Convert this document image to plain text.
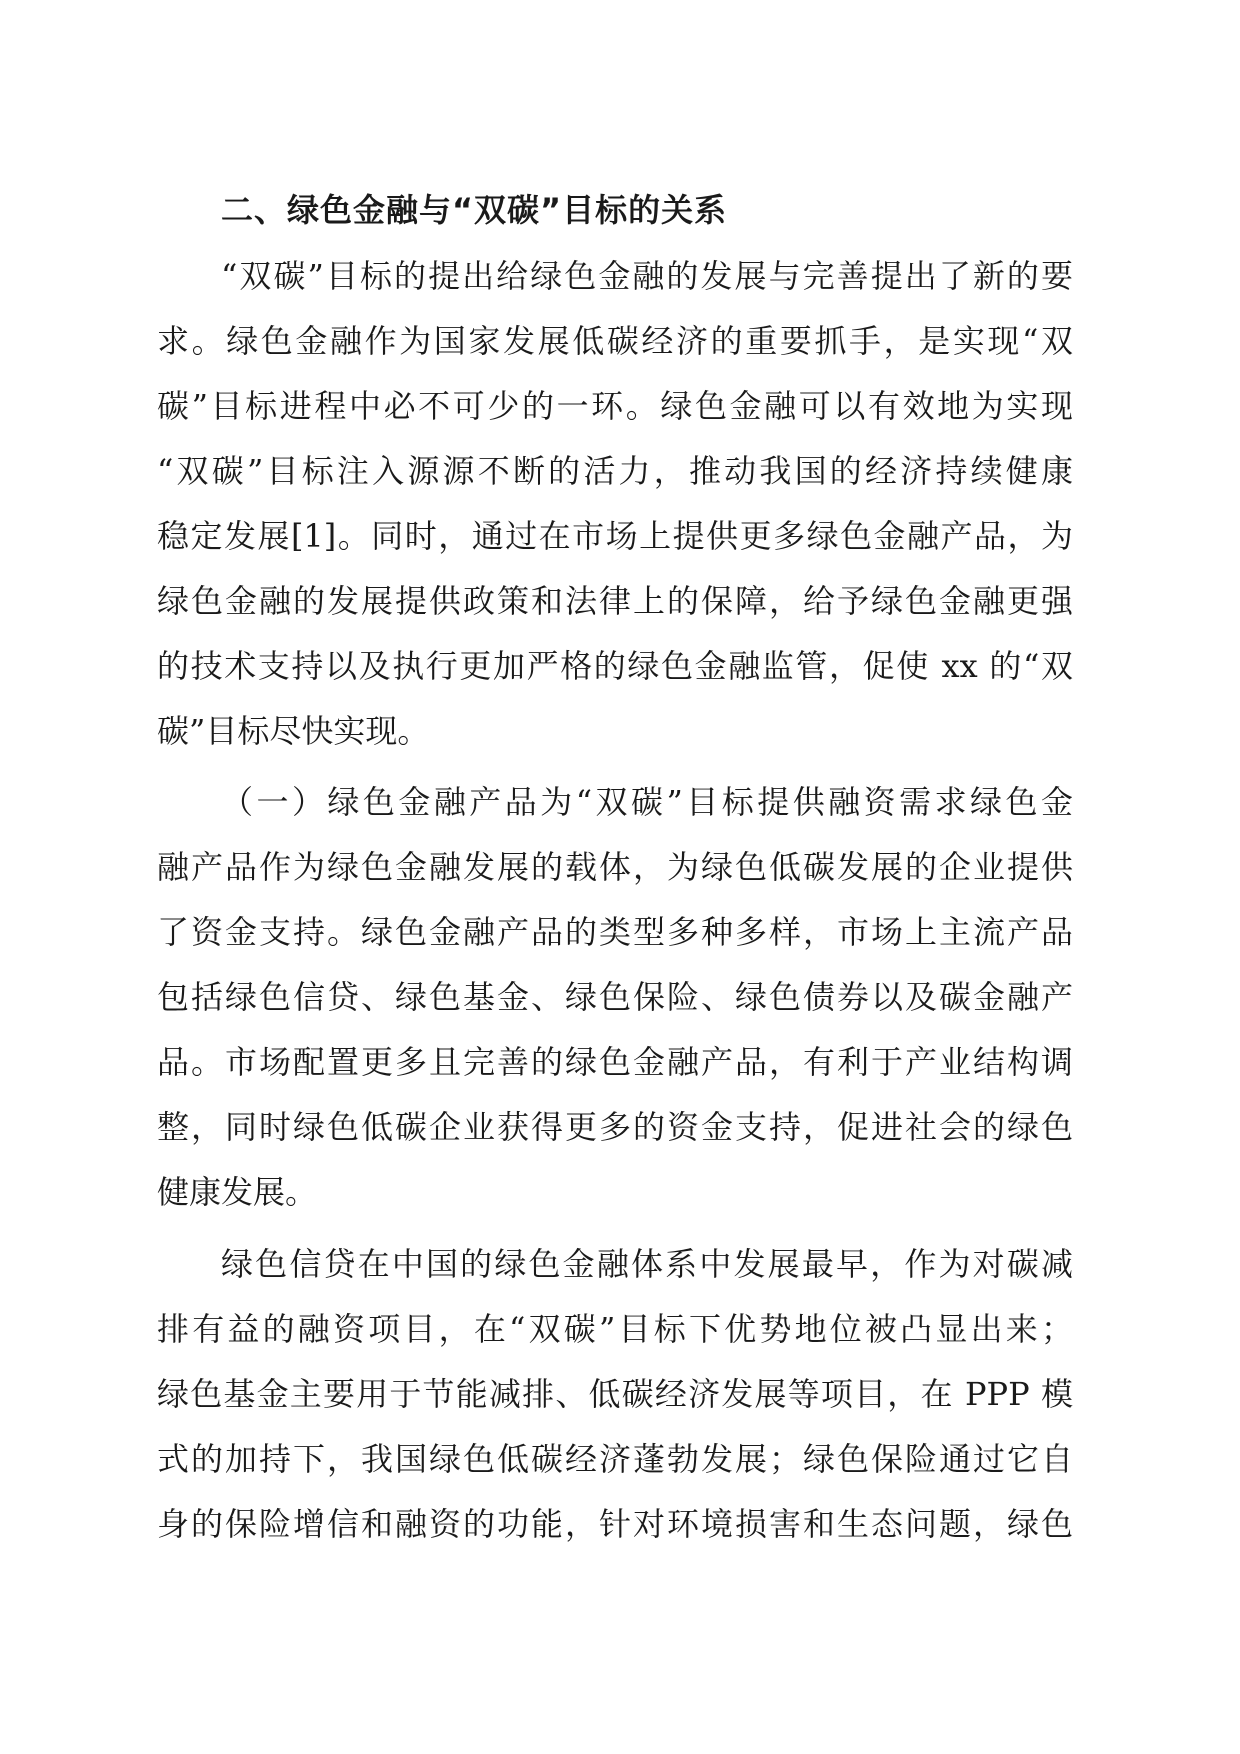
二、绿色金融与“双碳”目标的关系
“双碳”目标的提出给绿色金融的发展与完善提出了新的要
求。绿色金融作为国家发展低碳经济的重要抓手，是实现“双
碳”目标进程中必不可少的一环。绿色金融可以有效地为实现
“双碳”目标注入源源不断的活力，推动我国的经济持续健康
稳定发展[1]。同时，通过在市场上提供更多绿色金融产品，为
绿色金融的发展提供政策和法律上的保障，给予绿色金融更强
的技术支持以及执行更加严格的绿色金融监管，促使 xx 的“双
碳”目标尽快实现。
（一）绿色金融产品为“双碳”目标提供融资需求绿色金
融产品作为绿色金融发展的载体，为绿色低碳发展的企业提供
了资金支持。绿色金融产品的类型多种多样，市场上主流产品
包括绿色信贷、绿色基金、绿色保险、绿色债券以及碳金融产
品。市场配置更多且完善的绿色金融产品，有利于产业结构调
整，同时绿色低碳企业获得更多的资金支持，促进社会的绿色
健康发展。
绿色信贷在中国的绿色金融体系中发展最早，作为对碳减
排有益的融资项目，在“双碳”目标下优势地位被凸显出来；
绿色基金主要用于节能减排、低碳经济发展等项目，在 PPP 模
式的加持下，我国绿色低碳经济蓬勃发展；绿色保险通过它自
身的保险增信和融资的功能，针对环境损害和生态问题，绿色
